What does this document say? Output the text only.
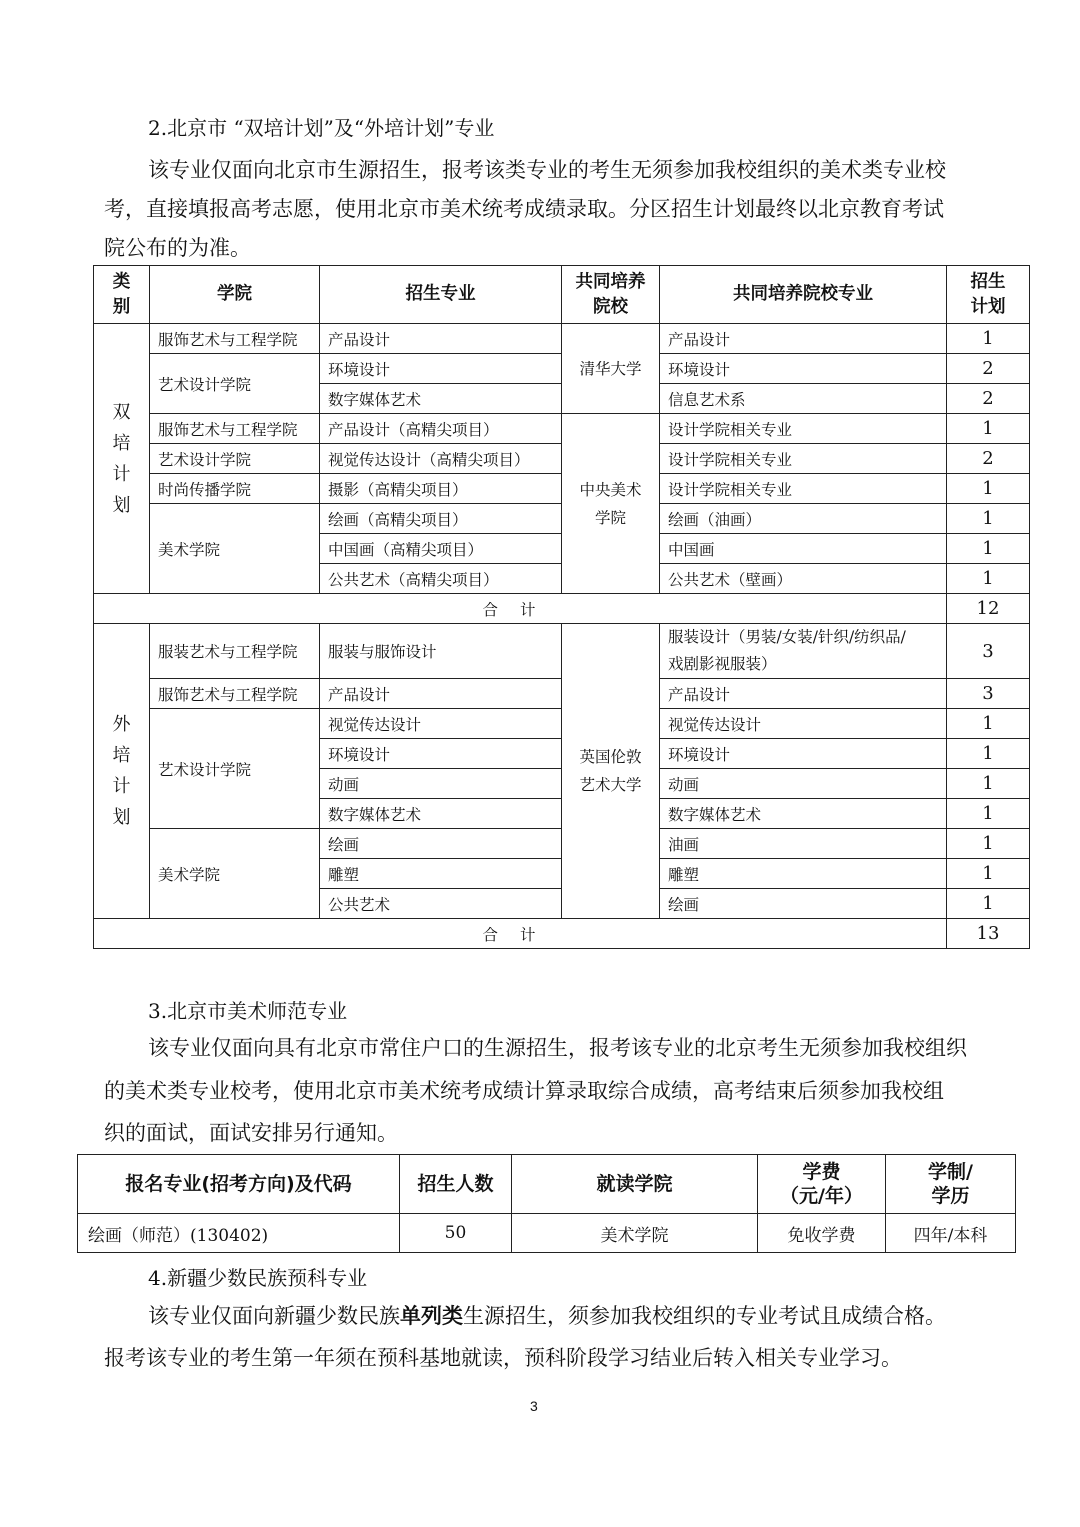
2.北京市 “双培计划”及“外培计划”专业

该专业仅面向北京市生源招生，报考该类专业的考生无须参加我校组织的美术类专业校

考，直接填报高考志愿，使用北京市美术统考成绩录取。分区招生计划最终以北京教育考试

院公布的为准。

类
别	学院	招生专业	共同培养
院校	共同培养院校专业	招生
计划
双
培
计
划	服饰艺术与工程学院	产品设计	清华大学	产品设计	1
	艺术设计学院	环境设计		环境设计	2
		数字媒体艺术		信息艺术系	2
	服饰艺术与工程学院	产品设计（高精尖项目）	中央美术
学院	设计学院相关专业	1
	艺术设计学院	视觉传达设计（高精尖项目）		设计学院相关专业	2
	时尚传播学院	摄影（高精尖项目）		设计学院相关专业	1
	美术学院	绘画（高精尖项目）		绘画（油画）	1
		中国画（高精尖项目）		中国画	1
		公共艺术（高精尖项目）		公共艺术（壁画）	1
合计					12
外
培
计
划	服装艺术与工程学院	服装与服饰设计	英国伦敦
艺术大学	服装设计（男装/女装/针织/纺织品/
戏剧影视服装）	3
	服饰艺术与工程学院	产品设计		产品设计	3
	艺术设计学院	视觉传达设计		视觉传达设计	1
		环境设计		环境设计	1
		动画		动画	1
		数字媒体艺术		数字媒体艺术	1
	美术学院	绘画		油画	1
		雕塑		雕塑	1
		公共艺术		绘画	1
合计					13

3.北京市美术师范专业

该专业仅面向具有北京市常住户口的生源招生，报考该专业的北京考生无须参加我校组织

的美术类专业校考，使用北京市美术统考成绩计算录取综合成绩，高考结束后须参加我校组

织的面试，面试安排另行通知。

报名专业(招考方向)及代码	招生人数	就读学院	学费
（元/年）	学制/
学历
绘画（师范）(130402)	50	美术学院	免收学费	四年/本科

4.新疆少数民族预科专业

该专业仅面向新疆少数民族单列类生源招生，须参加我校组织的专业考试且成绩合格。

报考该专业的考生第一年须在预科基地就读，预科阶段学习结业后转入相关专业学习。

3
